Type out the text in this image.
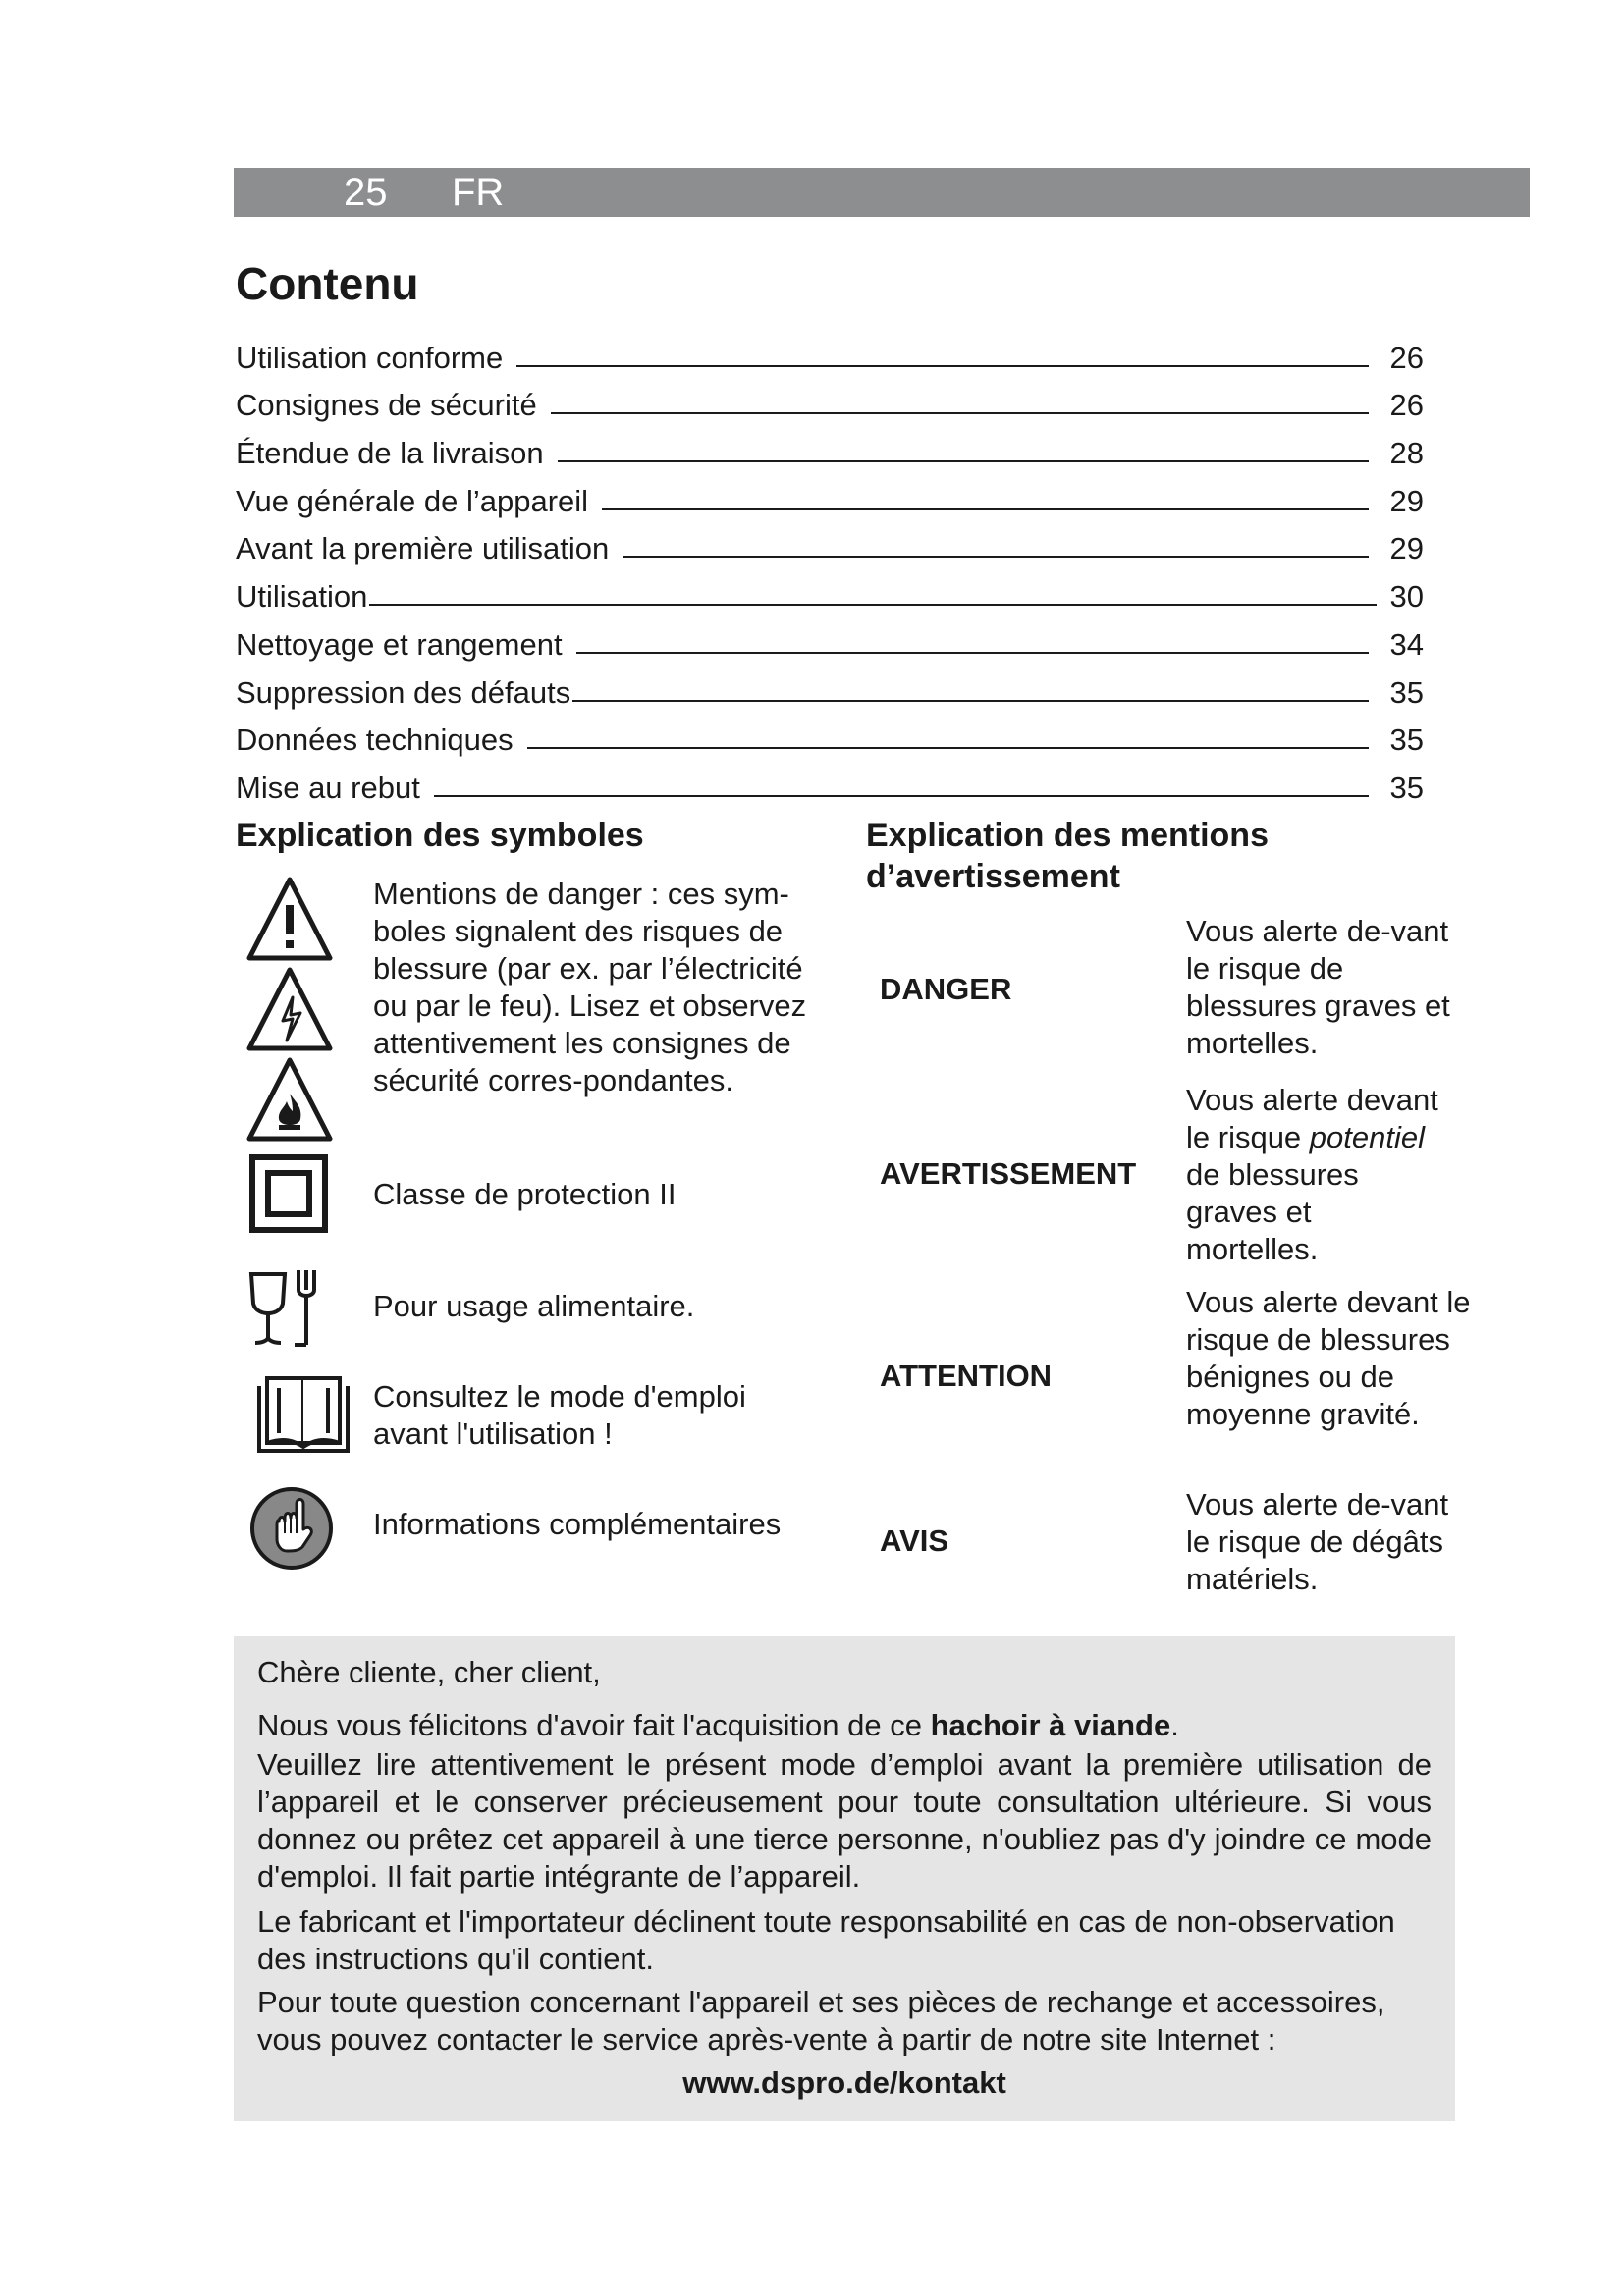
25 FR
Contenu
Utilisation conforme	26
Consignes de sécurité	26
Étendue de la livraison	28
Vue générale de l’appareil	29
Avant la première utilisation	29
Utilisation	30
Nettoyage et rangement	34
Suppression des défauts	35
Données techniques	35
Mise au rebut	35
Explication des symboles

Mentions de danger : ces sym-boles signalent des risques de blessure (par ex. par l’électricité ou par le feu). Lisez et observez attentivement les consignes de sécurité corres-pondantes.

Classe de protection II

Pour usage alimentaire.

Consultez le mode d'emploi avant l'utilisation !

Informations complémentaires

Explication des mentions d’avertissement
DANGER

Vous alerte de-vant le risque de blessures graves et mortelles.

AVERTISSEMENT

Vous alerte devant le risque potentiel de blessures graves et mortelles.

ATTENTION

Vous alerte devant le risque de blessures bénignes ou de moyenne gravité.

AVIS

Vous alerte de-vant le risque de dégâts matériels.

Chère cliente, cher client,

Nous vous félicitons d'avoir fait l'acquisition de ce hachoir à viande.

Veuillez lire attentivement le présent mode d’emploi avant la première utilisation de l’appareil et le conserver précieusement pour toute consultation ultérieure. Si vous donnez ou prêtez cet appareil à une tierce personne, n'oubliez pas d'y joindre ce mode d'emploi. Il fait partie intégrante de l’appareil.

Le fabricant et l'importateur déclinent toute responsabilité en cas de non-observation des instructions qu'il contient.

Pour toute question concernant l'appareil et ses pièces de rechange et accessoires, vous pouvez contacter le service après-vente à partir de notre site Internet :

www.dspro.de/kontakt
